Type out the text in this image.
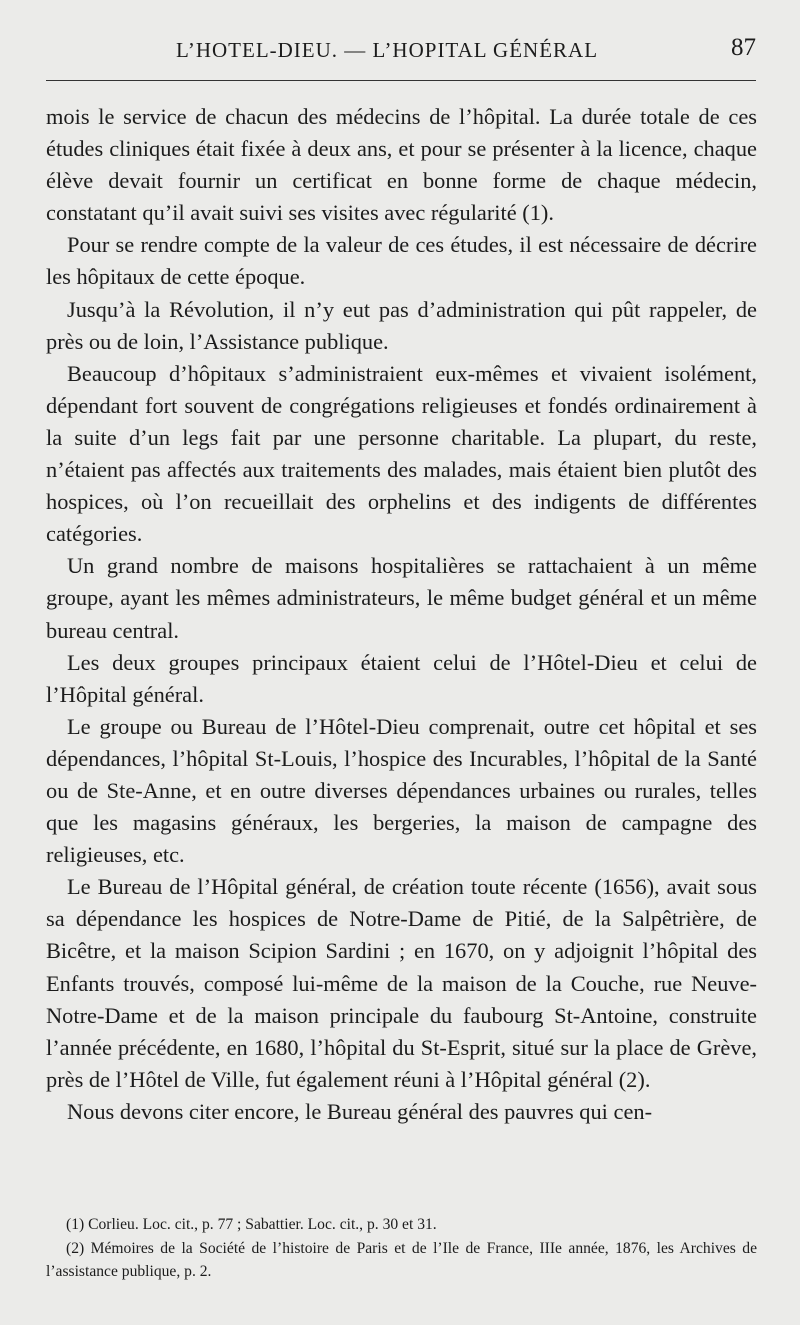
L’HOTEL-DIEU. — L’HOPITAL GÉNÉRAL	87

mois le service de chacun des médecins de l’hôpital. La durée totale de ces études cliniques était fixée à deux ans, et pour se présenter à la licence, chaque élève devait fournir un certificat en bonne forme de chaque médecin, constatant qu’il avait suivi ses visites avec régularité (1).

Pour se rendre compte de la valeur de ces études, il est nécessaire de décrire les hôpitaux de cette époque.

Jusqu’à la Révolution, il n’y eut pas d’administration qui pût rappeler, de près ou de loin, l’Assistance publique.

Beaucoup d’hôpitaux s’administraient eux-mêmes et vivaient isolément, dépendant fort souvent de congrégations religieuses et fondés ordinairement à la suite d’un legs fait par une personne charitable. La plupart, du reste, n’étaient pas affectés aux traitements des malades, mais étaient bien plutôt des hospices, où l’on recueillait des orphelins et des indigents de différentes catégories.

Un grand nombre de maisons hospitalières se rattachaient à un même groupe, ayant les mêmes administrateurs, le même budget général et un même bureau central.

Les deux groupes principaux étaient celui de l’Hôtel-Dieu et celui de l’Hôpital général.

Le groupe ou Bureau de l’Hôtel-Dieu comprenait, outre cet hôpital et ses dépendances, l’hôpital St-Louis, l’hospice des Incurables, l’hôpital de la Santé ou de Ste-Anne, et en outre diverses dépendances urbaines ou rurales, telles que les magasins généraux, les bergeries, la maison de campagne des religieuses, etc.

Le Bureau de l’Hôpital général, de création toute récente (1656), avait sous sa dépendance les hospices de Notre-Dame de Pitié, de la Salpêtrière, de Bicêtre, et la maison Scipion Sardini ; en 1670, on y adjoignit l’hôpital des Enfants trouvés, composé lui-même de la maison de la Couche, rue Neuve-Notre-Dame et de la maison principale du faubourg St-Antoine, construite l’année précédente, en 1680, l’hôpital du St-Esprit, situé sur la place de Grève, près de l’Hôtel de Ville, fut également réuni à l’Hôpital général (2).

Nous devons citer encore, le Bureau général des pauvres qui cen-

(1) Corlieu. Loc. cit., p. 77 ; Sabattier. Loc. cit., p. 30 et 31.

(2) Mémoires de la Société de l’histoire de Paris et de l’Ile de France, IIIe année, 1876, les Archives de l’assistance publique, p. 2.
